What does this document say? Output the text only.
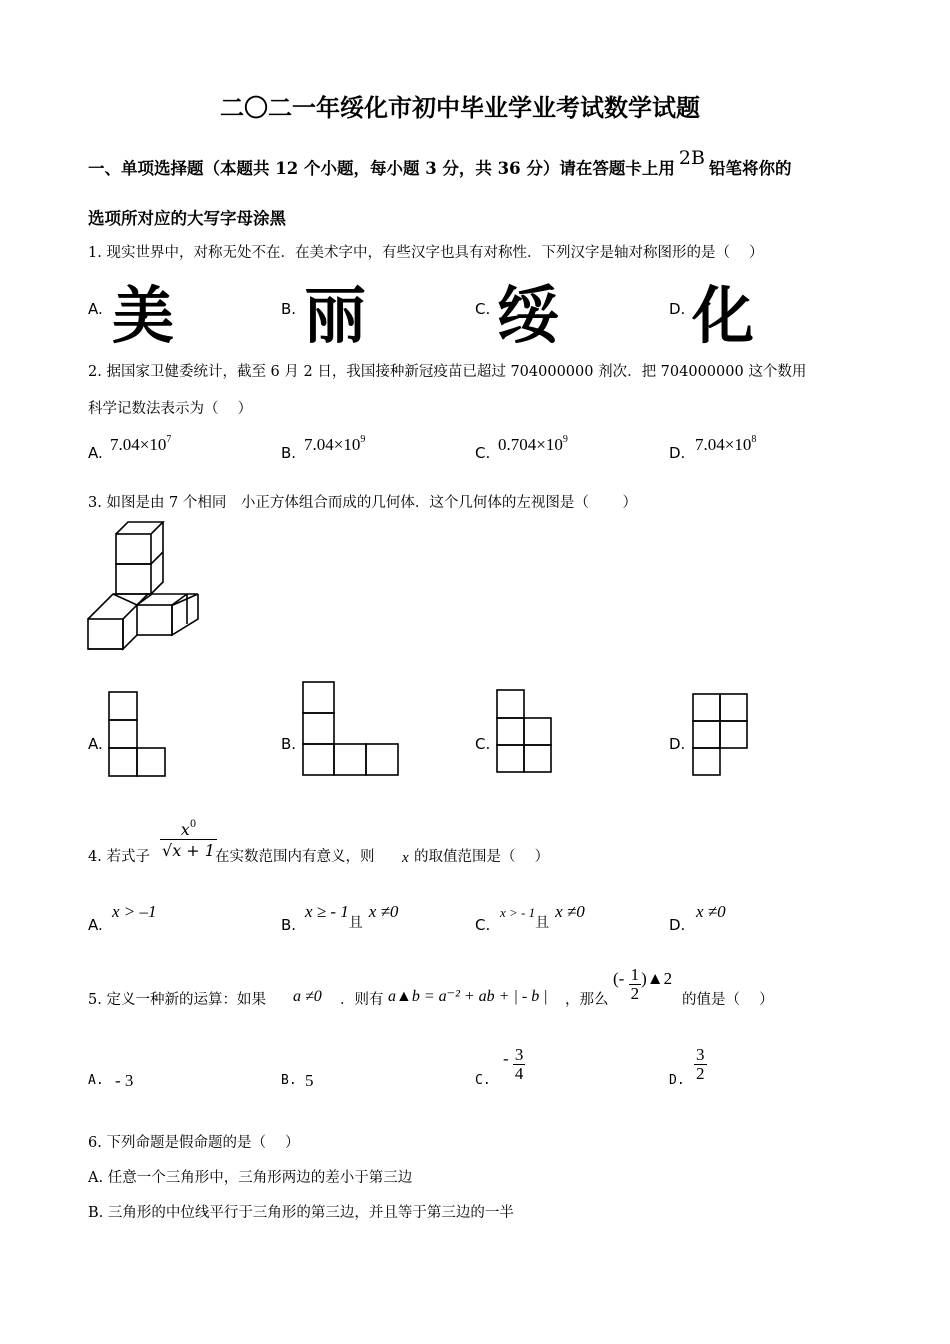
二〇二一年绥化市初中毕业学业考试数学试题
一、单项选择题（本题共 12 个小题，每小题 3 分，共 36 分）请在答题卡上用 2B 铅笔将你的
选项所对应的大写字母涂黑
1. 现实世界中，对称无处不在．在美术字中，有些汉字也具有对称性．下列汉字是轴对称图形的是（　 ）
A. 美	B. 丽	C. 绥	D. 化
2. 据国家卫健委统计，截至 6 月 2 日，我国接种新冠疫苗已超过 704000000 剂次．把 704000000 这个数用
科学记数法表示为（　 ）
A. $7.04\times 10^7$
B. $7.04\times 10^9$
C. $0.704\times 10^9$
D. $7.04\times 10^8$
3. 如图是由 7 个相同　小正方体组合而成的几何体．这个几何体的左视图是（　　 ）
A.	B.	C.	D.
4. 若式子 $\frac{x^0}{√x + 1}$
在实数范围内有意义，则 x 的取值范围是（　 ）
A.
x > –1
B.
x ≥ - $1_且x \ne 0$
C.
x > - $1_且x \ne 0$
D.
x ≠0
5. 定义一种新的运算：如果 a ≠0 ．则有 a▲b = a⁻² + ab + | - b | ，那么
(- $\frac{1}{2}$ )▲2
的值是（　 ）
A. - 3	B. 5	C.
- $\frac{3}{4}$	D. $\frac{3}{2}$
6. 下列命题是假命题的是（　 ）
A. 任意一个三角形中，三角形两边的差小于第三边
B. 三角形的中位线平行于三角形的第三边，并且等于第三边的一半
